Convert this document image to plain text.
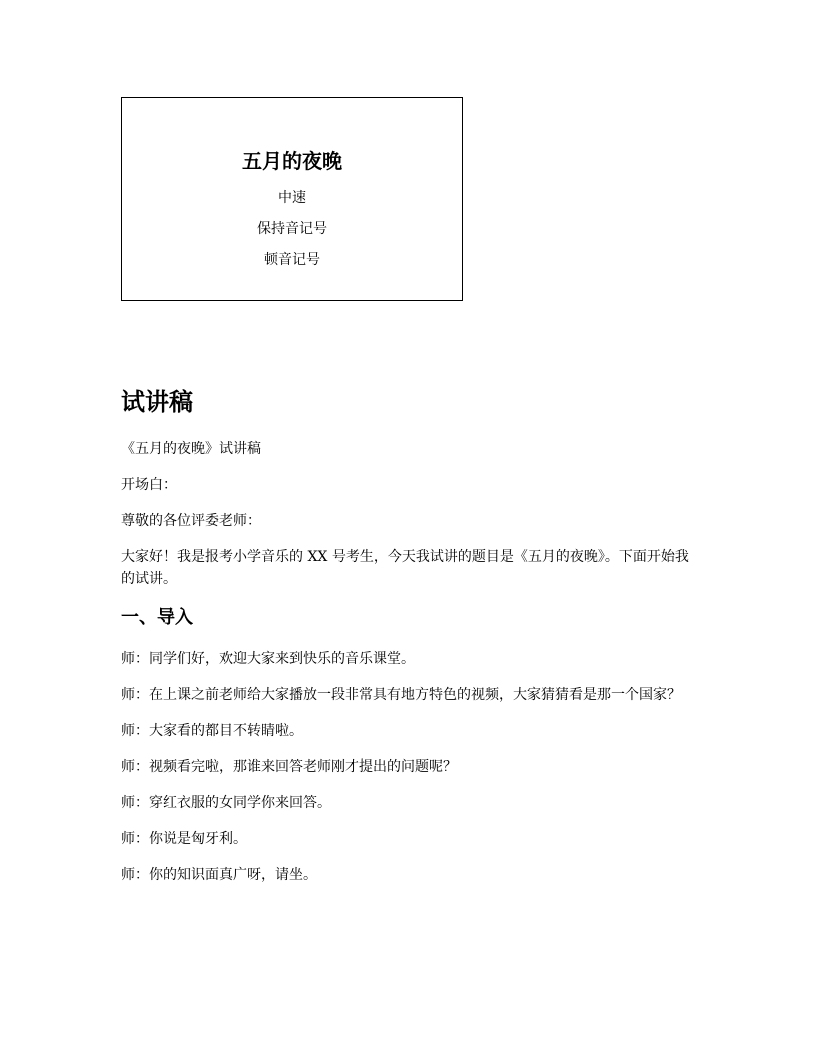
五月的夜晚
中速
保持音记号
顿音记号
试讲稿

《五月的夜晚》试讲稿

开场白：

尊敬的各位评委老师：

大家好！我是报考小学音乐的 XX 号考生，今天我试讲的题目是《五月的夜晚》。下面开始我的试讲。

一、导入

师：同学们好，欢迎大家来到快乐的音乐课堂。

师：在上课之前老师给大家播放一段非常具有地方特色的视频，大家猜猜看是那一个国家？

师：大家看的都目不转睛啦。

师：视频看完啦，那谁来回答老师刚才提出的问题呢？

师：穿红衣服的女同学你来回答。

师：你说是匈牙利。

师：你的知识面真广呀，请坐。
